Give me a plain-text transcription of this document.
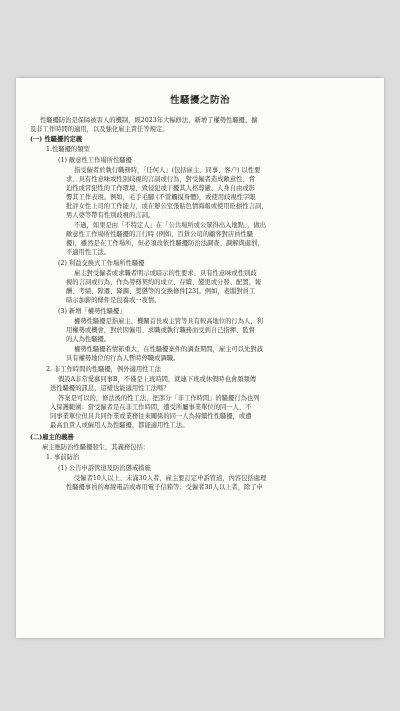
性騷擾之防治
性騷擾防治是保障被害人的機制，經2023年大幅修法，新增了權勢性騷擾、擴
及非工作時間的適用，以及強化雇主責任等規定。
(一) 性騷擾的定義
1.性騷擾的類型
(1) 敵意性工作場所性騷擾
指受僱者於執行職務時，「任何人」(包括雇主、同事、客户) 以性要
求、具有性意味或性別歧視的言詞或行為，對受僱者造成敵意性、脅
迫性或冒犯性的工作環境，致侵犯或干擾其人格尊嚴、人身自由或影
響其工作表現。例如，毛手毛腳 (不當觸摸身體)，或使用歧視性字眼
批評女性上司的工作能力，或在辦公室張貼色情海報或使用貶損性言詞、
男人婆等帶有性別歧視的言詞。
不過，如果是由「不特定人」在「公共場所或公眾得出入地點」，做出
敵意性工作場所性騷擾的言行時 (例如，百貨公司的顧客對店員性騷
擾)，雖然是在工作場所，但必須改依性騷擾防治法調查、調解與處罰，
不適用性工法。
(2) 利益交換式工作場所性騷擾
雇主對受僱者或求職者明示或暗示的性要求、具有性意味或性別歧
視的言詞或行為，作為勞務契約的成立、存續、變更或分發、配置、報
酬、考績、陞遷、降調、獎懲等的交換條件[23]。例如，老闆對員工
暗示加薪的條件是包養或一夜情。
(3) 新增「權勢性騷擾」
權勢性騷擾是指雇主、機關首長或主管等具有較高地位的行為人，利
用權勢或機會，對於因僱用、求職或執行職務而受到自己指揮、監督
的人為性騷擾。
權勢性騷擾若情節重大，在性騷擾案件的調查期間，雇主可以先對該
具有權勢地位的行為人暫時停職或調職。
2. 非工作時間的性騷擾，例外適用性工法
假設A非常愛慕同事B，不僅是上班時間，就連下班或休假時也會頻頻傳
送性騷擾的訊息，這樣也能適用性工法嗎？
答案是可以的，修法後的性工法，把部分「非工作時間」的騷擾行為也列
入保護範圍：當受僱者是在非工作時間，遭受所屬事業單位的同一人、不
同事業單位但具共同作業或業務往來關係的同一人為持續性性騷擾，或遭
最高負責人或僱用人為性騷擾，都能適用性工法。
(二)雇主的義務
雇主應防治性騷擾發生，其義務包括：
1. 事前防治
(1) 公告申訴管道及防治懲戒措施
受僱者10人以上、未滿30人者，雇主要訂定申訴管道，內容包括處理
性騷擾事員的專線電話或專用電子信箱等；受僱者30人以上者，除了申
